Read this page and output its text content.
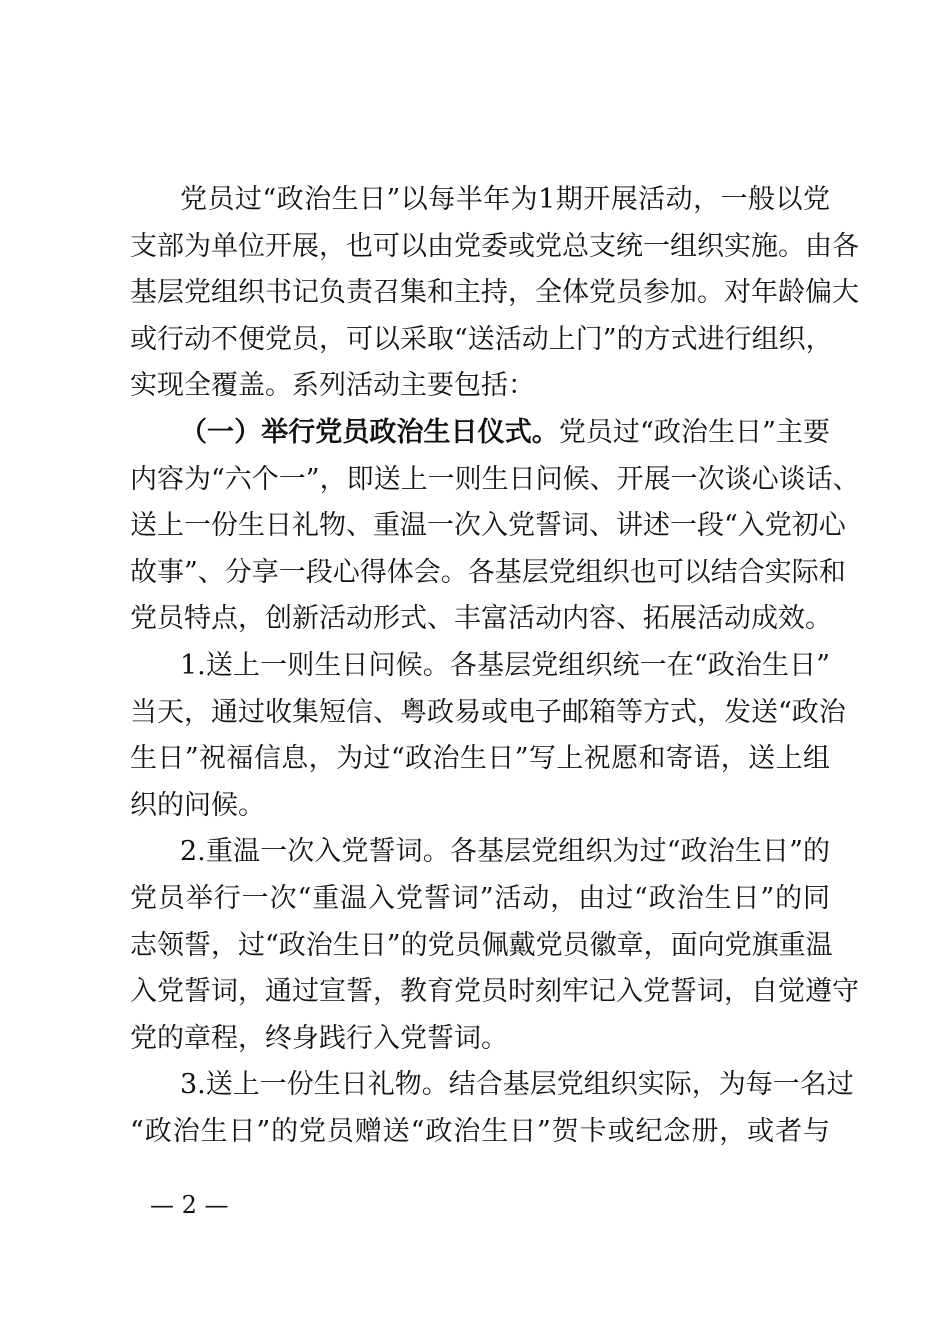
党员过“政治生日”以每半年为1期开展活动，一般以党
支部为单位开展，也可以由党委或党总支统一组织实施。由各
基层党组织书记负责召集和主持，全体党员参加。对年龄偏大
或行动不便党员，可以采取“送活动上门”的方式进行组织，
实现全覆盖。系列活动主要包括：
（一）举行党员政治生日仪式。党员过“政治生日”主要
内容为“六个一”，即送上一则生日问候、开展一次谈心谈话、
送上一份生日礼物、重温一次入党誓词、讲述一段“入党初心
故事”、分享一段心得体会。各基层党组织也可以结合实际和
党员特点，创新活动形式、丰富活动内容、拓展活动成效。
1.送上一则生日问候。各基层党组织统一在“政治生日”
当天，通过收集短信、粤政易或电子邮箱等方式，发送“政治
生日”祝福信息，为过“政治生日”写上祝愿和寄语，送上组
织的问候。
2.重温一次入党誓词。各基层党组织为过“政治生日”的
党员举行一次“重温入党誓词”活动，由过“政治生日”的同
志领誓，过“政治生日”的党员佩戴党员徽章，面向党旗重温
入党誓词，通过宣誓，教育党员时刻牢记入党誓词，自觉遵守
党的章程，终身践行入党誓词。
3.送上一份生日礼物。结合基层党组织实际，为每一名过
“政治生日”的党员赠送“政治生日”贺卡或纪念册，或者与
— 2 —
